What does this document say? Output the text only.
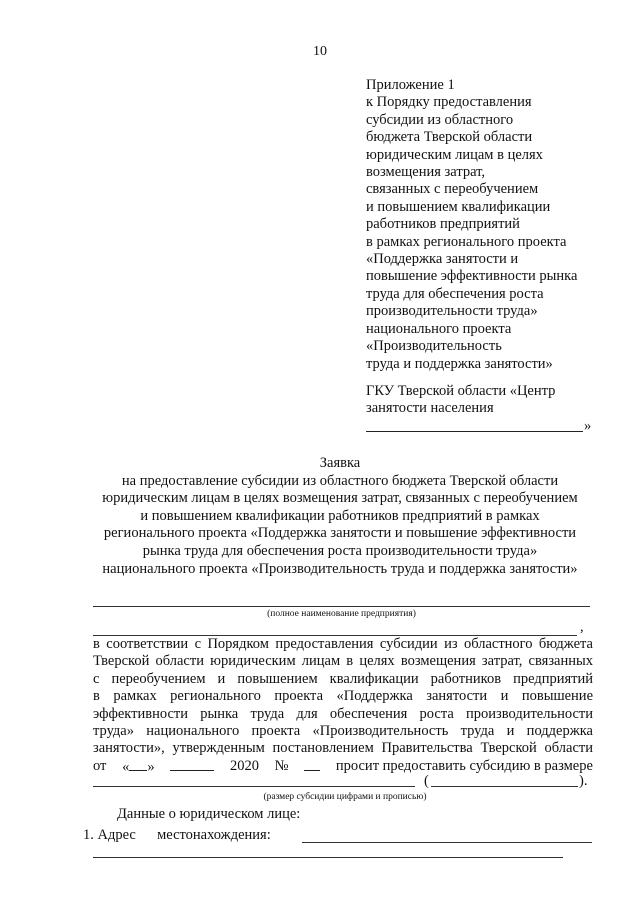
10
Приложение 1
к Порядку предоставления
субсидии из областного
бюджета Тверской области
юридическим лицам в целях
возмещения затрат,
связанных с переобучением
и повышением квалификации
работников предприятий
в рамках регионального проекта
«Поддержка занятости и
повышение эффективности рынка
труда для обеспечения роста
производительности труда»
национального проекта
«Производительность
труда и поддержка занятости»
ГКУ Тверской области «Центр
занятости населения
»
Заявка
на предоставление субсидии из областного бюджета Тверской области
юридическим лицам в целях возмещения затрат, связанных с переобучением
и повышением квалификации работников предприятий в рамках
регионального проекта «Поддержка занятости и повышение эффективности
рынка труда для обеспечения роста производительности труда»
национального проекта «Производительность труда и поддержка занятости»
(полное наименование предприятия)
,
в соответствии с Порядком предоставления субсидии из областного бюджета
Тверской области юридическим лицам в целях возмещения затрат, связанных
с переобучением и повышением квалификации работников предприятий
в рамках регионального проекта «Поддержка занятости и повышение
эффективности рынка труда для обеспечения роста производительности
труда» национального проекта «Производительность труда и поддержка
занятости», утвержденным постановлением Правительства Тверской области
от « »	2020 №	просит предоставить субсидию в размере
(	).
(размер субсидии цифрами и прописью)
Данные о юридическом лице:
1. Адрес местонахождения:
